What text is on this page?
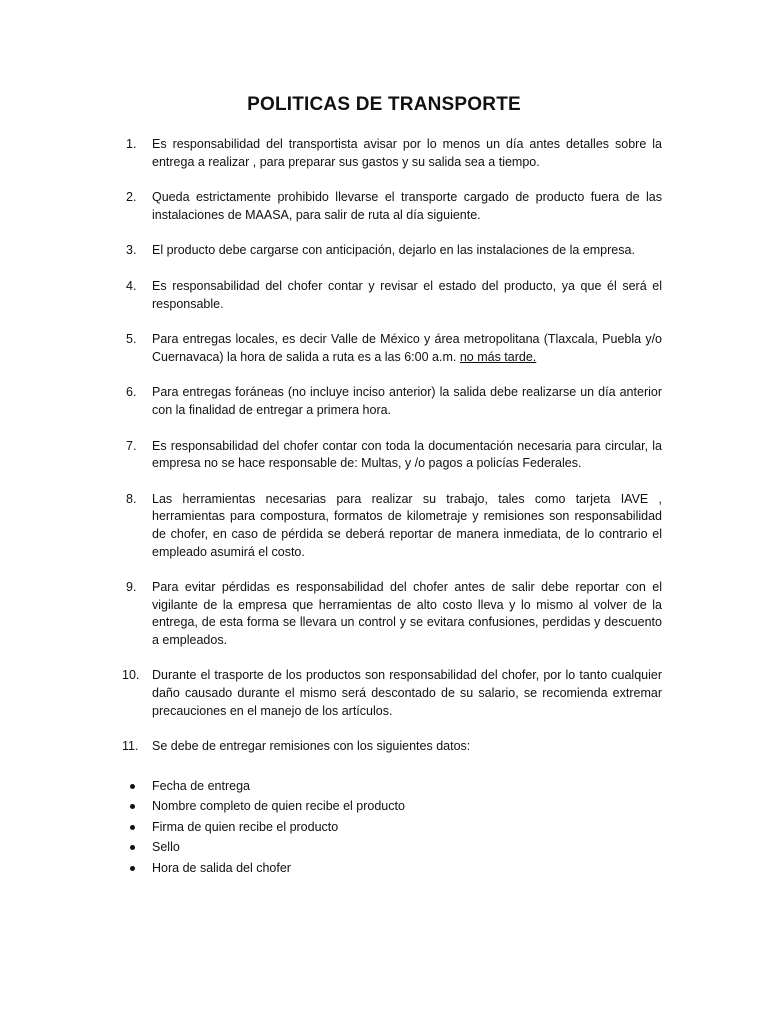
POLITICAS DE TRANSPORTE
1.	Es responsabilidad del transportista avisar por lo menos un día antes detalles sobre la entrega a realizar , para preparar sus gastos y su salida sea a tiempo.
2.	Queda estrictamente prohibido llevarse el transporte cargado de producto fuera de las instalaciones de MAASA, para salir de ruta al día siguiente.
3.	El producto debe cargarse con anticipación, dejarlo en las instalaciones de la empresa.
4.	Es responsabilidad del chofer contar y revisar el estado del producto, ya que él será el responsable.
5.	Para entregas locales, es decir Valle de México y área metropolitana (Tlaxcala, Puebla y/o Cuernavaca) la hora de salida a ruta es a las 6:00 a.m. no más tarde.
6.	Para entregas foráneas (no incluye inciso anterior) la salida debe realizarse un día anterior con la finalidad de entregar a primera hora.
7.	Es responsabilidad del chofer contar con toda la documentación necesaria para circular, la empresa no se hace responsable de: Multas, y /o pagos a policías Federales.
8.	Las herramientas necesarias para realizar su trabajo, tales como tarjeta IAVE , herramientas para compostura, formatos de kilometraje y remisiones son responsabilidad de chofer, en caso de pérdida se deberá reportar de manera inmediata, de lo contrario el empleado asumirá el costo.
9.	Para evitar pérdidas es responsabilidad del chofer antes de salir debe reportar con el vigilante de la empresa que herramientas de alto costo lleva y lo mismo al volver de la entrega, de esta forma se llevara un control y se evitara confusiones, perdidas y descuento a empleados.
10.	Durante el trasporte de los productos son responsabilidad del chofer, por lo tanto cualquier daño causado durante el mismo será descontado de su salario, se recomienda extremar precauciones en el manejo de los artículos.
11.	Se debe de entregar remisiones con los siguientes datos:
Fecha de entrega
Nombre completo de quien recibe el producto
Firma de quien recibe el producto
Sello
Hora de salida del chofer
